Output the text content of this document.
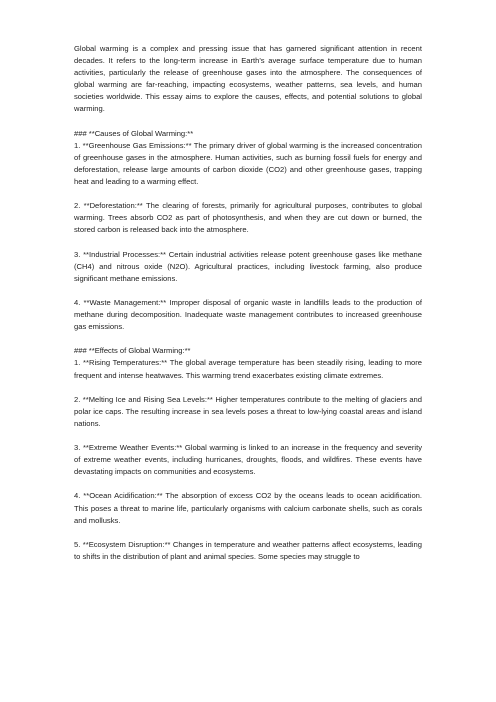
Global warming is a complex and pressing issue that has garnered significant attention in recent decades. It refers to the long-term increase in Earth's average surface temperature due to human activities, particularly the release of greenhouse gases into the atmosphere. The consequences of global warming are far-reaching, impacting ecosystems, weather patterns, sea levels, and human societies worldwide. This essay aims to explore the causes, effects, and potential solutions to global warming.

### **Causes of Global Warming:**

1. **Greenhouse Gas Emissions:** The primary driver of global warming is the increased concentration of greenhouse gases in the atmosphere. Human activities, such as burning fossil fuels for energy and deforestation, release large amounts of carbon dioxide (CO2) and other greenhouse gases, trapping heat and leading to a warming effect.

2. **Deforestation:** The clearing of forests, primarily for agricultural purposes, contributes to global warming. Trees absorb CO2 as part of photosynthesis, and when they are cut down or burned, the stored carbon is released back into the atmosphere.

3. **Industrial Processes:** Certain industrial activities release potent greenhouse gases like methane (CH4) and nitrous oxide (N2O). Agricultural practices, including livestock farming, also produce significant methane emissions.

4. **Waste Management:** Improper disposal of organic waste in landfills leads to the production of methane during decomposition. Inadequate waste management contributes to increased greenhouse gas emissions.

### **Effects of Global Warming:**

1. **Rising Temperatures:** The global average temperature has been steadily rising, leading to more frequent and intense heatwaves. This warming trend exacerbates existing climate extremes.

2. **Melting Ice and Rising Sea Levels:** Higher temperatures contribute to the melting of glaciers and polar ice caps. The resulting increase in sea levels poses a threat to low-lying coastal areas and island nations.

3. **Extreme Weather Events:** Global warming is linked to an increase in the frequency and severity of extreme weather events, including hurricanes, droughts, floods, and wildfires. These events have devastating impacts on communities and ecosystems.

4. **Ocean Acidification:** The absorption of excess CO2 by the oceans leads to ocean acidification. This poses a threat to marine life, particularly organisms with calcium carbonate shells, such as corals and mollusks.

5. **Ecosystem Disruption:** Changes in temperature and weather patterns affect ecosystems, leading to shifts in the distribution of plant and animal species. Some species may struggle to
